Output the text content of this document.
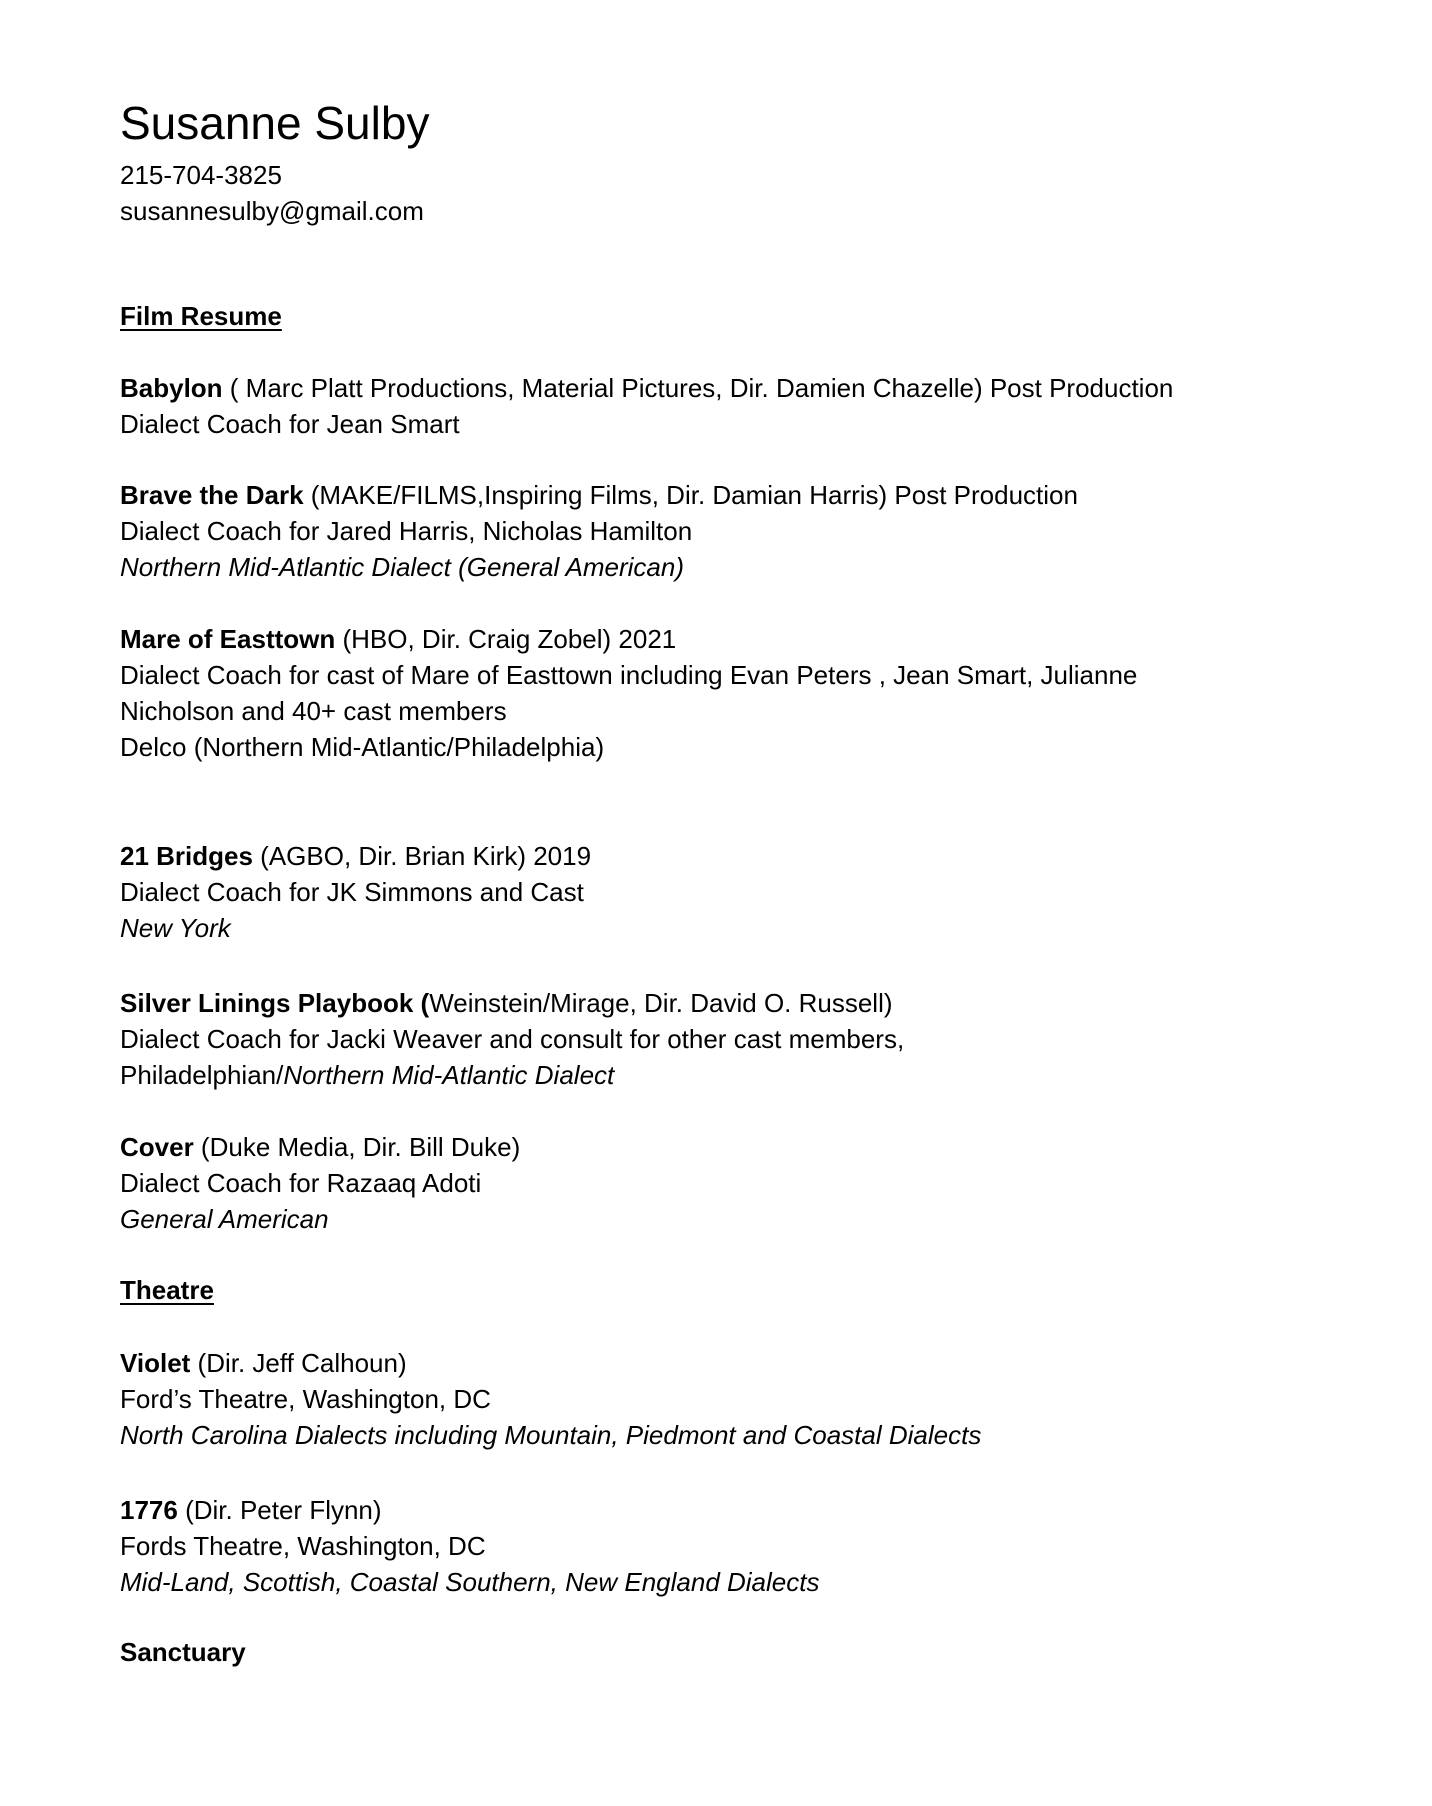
Susanne Sulby
215-704-3825
susannesulby@gmail.com
Film Resume
Babylon ( Marc Platt Productions, Material Pictures, Dir. Damien Chazelle) Post Production
Dialect Coach for Jean Smart
Brave the Dark (MAKE/FILMS,Inspiring Films, Dir. Damian Harris) Post Production
Dialect Coach for Jared Harris, Nicholas Hamilton
Northern Mid-Atlantic Dialect (General American)
Mare of Easttown (HBO, Dir. Craig Zobel) 2021
Dialect Coach for cast of Mare of Easttown including Evan Peters , Jean Smart, Julianne
Nicholson and 40+ cast members
Delco (Northern Mid-Atlantic/Philadelphia)
21 Bridges (AGBO, Dir. Brian Kirk) 2019
Dialect Coach for JK Simmons and Cast
New York
Silver Linings Playbook (Weinstein/Mirage, Dir. David O. Russell)
Dialect Coach for Jacki Weaver and consult for other cast members,
Philadelphian/Northern Mid-Atlantic Dialect
Cover (Duke Media, Dir. Bill Duke)
Dialect Coach for Razaaq Adoti
General American
Theatre
Violet (Dir. Jeff Calhoun)
Ford’s Theatre, Washington, DC
North Carolina Dialects including Mountain, Piedmont and Coastal Dialects
1776 (Dir. Peter Flynn)
Fords Theatre, Washington, DC
Mid-Land, Scottish, Coastal Southern, New England Dialects
Sanctuary
